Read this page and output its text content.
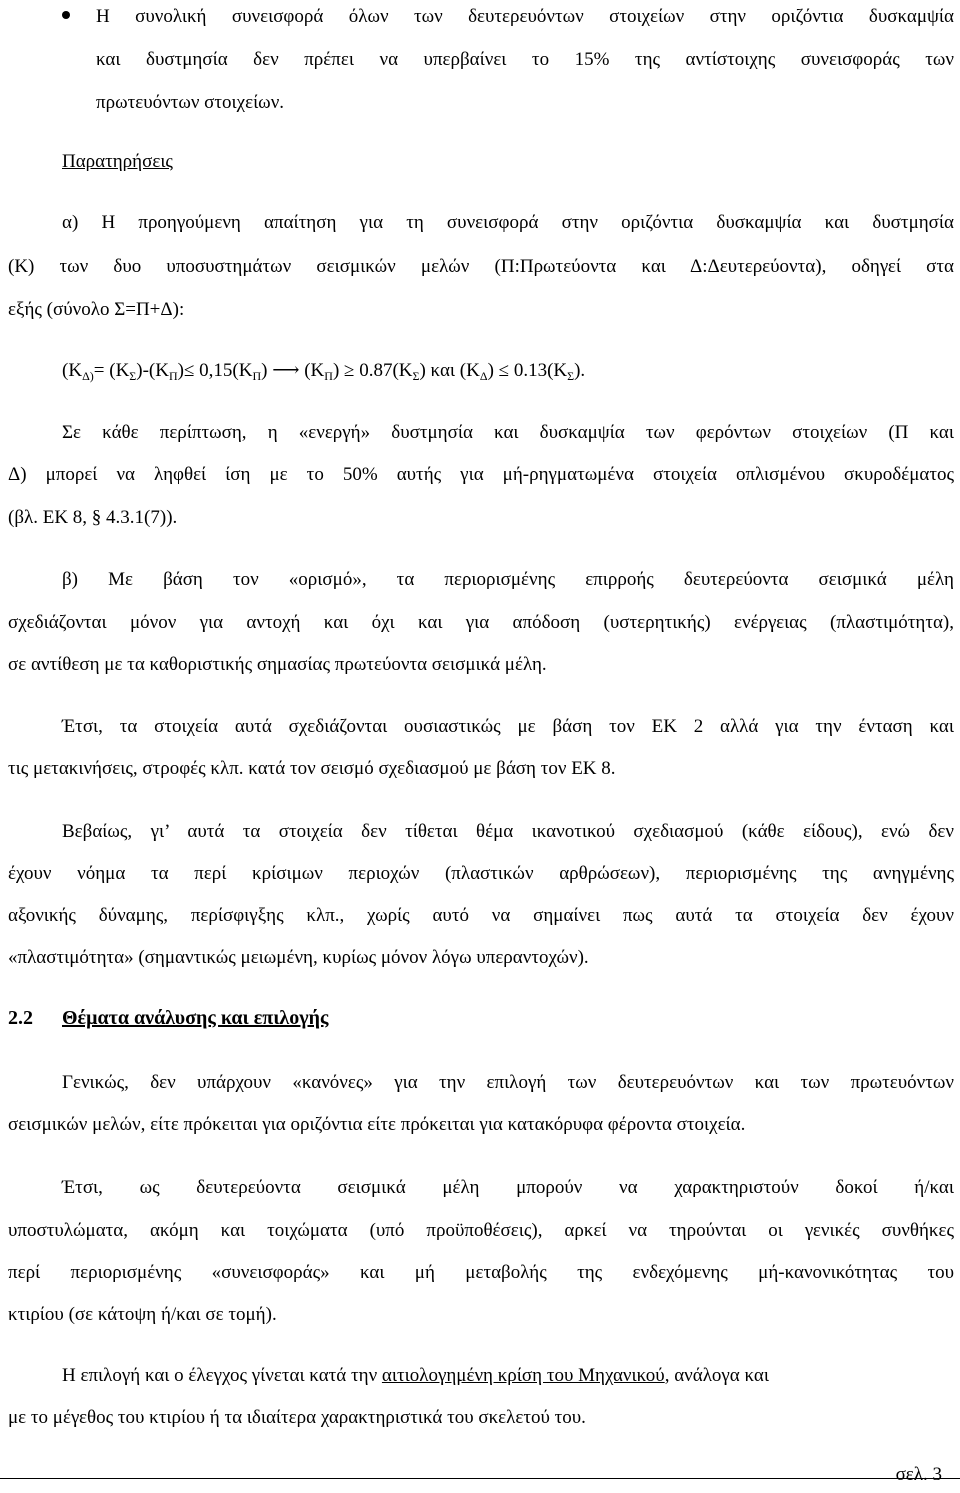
Η συνολική συνεισφορά όλων των δευτερευόντων στοιχείων στην οριζόντια δυσκαμψία
και δυστμησία δεν πρέπει να υπερβαίνει το 15% της αντίστοιχης συνεισφοράς των
πρωτευόντων στοιχείων.
Παρατηρήσεις
α) Η προηγούμενη απαίτηση για τη συνεισφορά στην οριζόντια δυσκαμψία και δυστμησία
(Κ) των δυο υποσυστημάτων σεισμικών μελών (Π:Πρωτεύοντα και Δ:Δευτερεύοντα), οδηγεί στα
εξής (σύνολο Σ=Π+Δ):
($K_{\Delta)}= (K_\Sigma)-(K_\Pi)\le 0,15(K_\Pi)$ ⟶ $(K_\Pi) \ge 0.87(K_\Sigma)$ και $(K_\Delta) \le 0.13(K_\Sigma)$.
Σε κάθε περίπτωση, η «ενεργή» δυστμησία και δυσκαμψία των φερόντων στοιχείων (Π και
Δ) μπορεί να ληφθεί ίση με το 50% αυτής για μή-ρηγματωμένα στοιχεία οπλισμένου σκυροδέματος
(βλ. ΕΚ 8, § 4.3.1(7)).
β) Με βάση τον «ορισμό», τα περιορισμένης επιρροής δευτερεύοντα σεισμικά μέλη
σχεδιάζονται μόνον για αντοχή και όχι και για απόδοση (υστερητικής) ενέργειας (πλαστιμότητα),
σε αντίθεση με τα καθοριστικής σημασίας πρωτεύοντα σεισμικά μέλη.
Έτσι, τα στοιχεία αυτά σχεδιάζονται ουσιαστικώς με βάση τον ΕΚ 2 αλλά για την ένταση και
τις μετακινήσεις, στροφές κλπ. κατά τον σεισμό σχεδιασμού με βάση τον ΕΚ 8.
Βεβαίως, γι’ αυτά τα στοιχεία δεν τίθεται θέμα ικανοτικού σχεδιασμού (κάθε είδους), ενώ δεν
έχουν νόημα τα περί κρίσιμων περιοχών (πλαστικών αρθρώσεων), περιορισμένης της ανηγμένης
αξονικής δύναμης, περίσφιγξης κλπ., χωρίς αυτό να σημαίνει πως αυτά τα στοιχεία δεν έχουν
«πλαστιμότητα» (σημαντικώς μειωμένη, κυρίως μόνον λόγω υπεραντοχών).
2.2 Θέματα ανάλυσης και επιλογής
Γενικώς, δεν υπάρχουν «κανόνες» για την επιλογή των δευτερευόντων και των πρωτευόντων
σεισμικών μελών, είτε πρόκειται για οριζόντια είτε πρόκειται για κατακόρυφα φέροντα στοιχεία.
Έτσι, ως δευτερεύοντα σεισμικά μέλη μπορούν να χαρακτηριστούν δοκοί ή/και
υποστυλώματα, ακόμη και τοιχώματα (υπό προϋποθέσεις), αρκεί να τηρούνται οι γενικές συνθήκες
περί περιορισμένης «συνεισφοράς» και μή μεταβολής της ενδεχόμενης μή-κανονικότητας του
κτιρίου (σε κάτοψη ή/και σε τομή).
Η επιλογή και ο έλεγχος γίνεται κατά την αιτιολογημένη κρίση του Μηχανικού, ανάλογα και
με το μέγεθος του κτιρίου ή τα ιδιαίτερα χαρακτηριστικά του σκελετού του.
σελ. 3
